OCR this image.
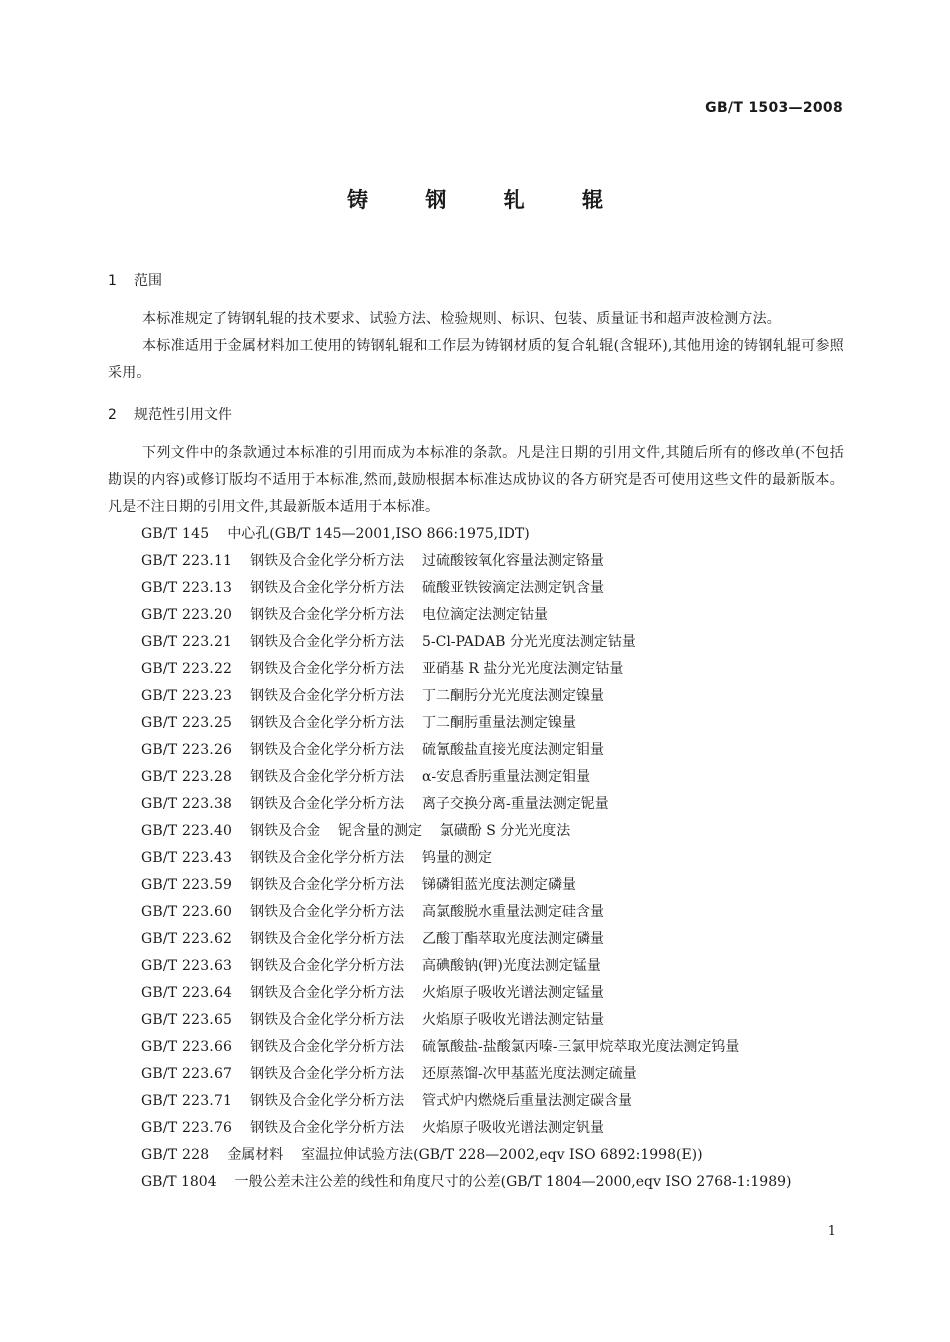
GB/T 1503—2008
铸 钢 轧 辊
1 范围
本标准规定了铸钢轧辊的技术要求、试验方法、检验规则、标识、包装、质量证书和超声波检测方法。
本标准适用于金属材料加工使用的铸钢轧辊和工作层为铸钢材质的复合轧辊(含辊环),其他用途的铸钢轧辊可参照采用。
2 规范性引用文件
下列文件中的条款通过本标准的引用而成为本标准的条款。凡是注日期的引用文件,其随后所有的修改单(不包括勘误的内容)或修订版均不适用于本标准,然而,鼓励根据本标准达成协议的各方研究是否可使用这些文件的最新版本。凡是不注日期的引用文件,其最新版本适用于本标准。
GB/T 145 中心孔(GB/T 145—2001,ISO 866:1975,IDT)
GB/T 223.11 钢铁及合金化学分析方法    过硫酸铵氧化容量法测定铬量
GB/T 223.13 钢铁及合金化学分析方法    硫酸亚铁铵滴定法测定钒含量
GB/T 223.20 钢铁及合金化学分析方法    电位滴定法测定钴量
GB/T 223.21 钢铁及合金化学分析方法    5-Cl-PADAB 分光光度法测定钴量
GB/T 223.22 钢铁及合金化学分析方法    亚硝基 R 盐分光光度法测定钴量
GB/T 223.23 钢铁及合金化学分析方法    丁二酮肟分光光度法测定镍量
GB/T 223.25 钢铁及合金化学分析方法    丁二酮肟重量法测定镍量
GB/T 223.26 钢铁及合金化学分析方法    硫氰酸盐直接光度法测定钼量
GB/T 223.28 钢铁及合金化学分析方法    α-安息香肟重量法测定钼量
GB/T 223.38 钢铁及合金化学分析方法    离子交换分离-重量法测定铌量
GB/T 223.40 钢铁及合金    铌含量的测定    氯磺酚 S 分光光度法
GB/T 223.43 钢铁及合金化学分析方法    钨量的测定
GB/T 223.59 钢铁及合金化学分析方法    锑磷钼蓝光度法测定磷量
GB/T 223.60 钢铁及合金化学分析方法    高氯酸脱水重量法测定硅含量
GB/T 223.62 钢铁及合金化学分析方法    乙酸丁酯萃取光度法测定磷量
GB/T 223.63 钢铁及合金化学分析方法    高碘酸钠(钾)光度法测定锰量
GB/T 223.64 钢铁及合金化学分析方法    火焰原子吸收光谱法测定锰量
GB/T 223.65 钢铁及合金化学分析方法    火焰原子吸收光谱法测定钴量
GB/T 223.66 钢铁及合金化学分析方法    硫氰酸盐-盐酸氯丙嗪-三氯甲烷萃取光度法测定钨量
GB/T 223.67 钢铁及合金化学分析方法    还原蒸馏-次甲基蓝光度法测定硫量
GB/T 223.71 钢铁及合金化学分析方法    管式炉内燃烧后重量法测定碳含量
GB/T 223.76 钢铁及合金化学分析方法    火焰原子吸收光谱法测定钒量
GB/T 228 金属材料    室温拉伸试验方法(GB/T 228—2002,eqv ISO 6892:1998(E))
GB/T 1804 一般公差未注公差的线性和角度尺寸的公差(GB/T 1804—2000,eqv ISO 2768-1:1989)
1
